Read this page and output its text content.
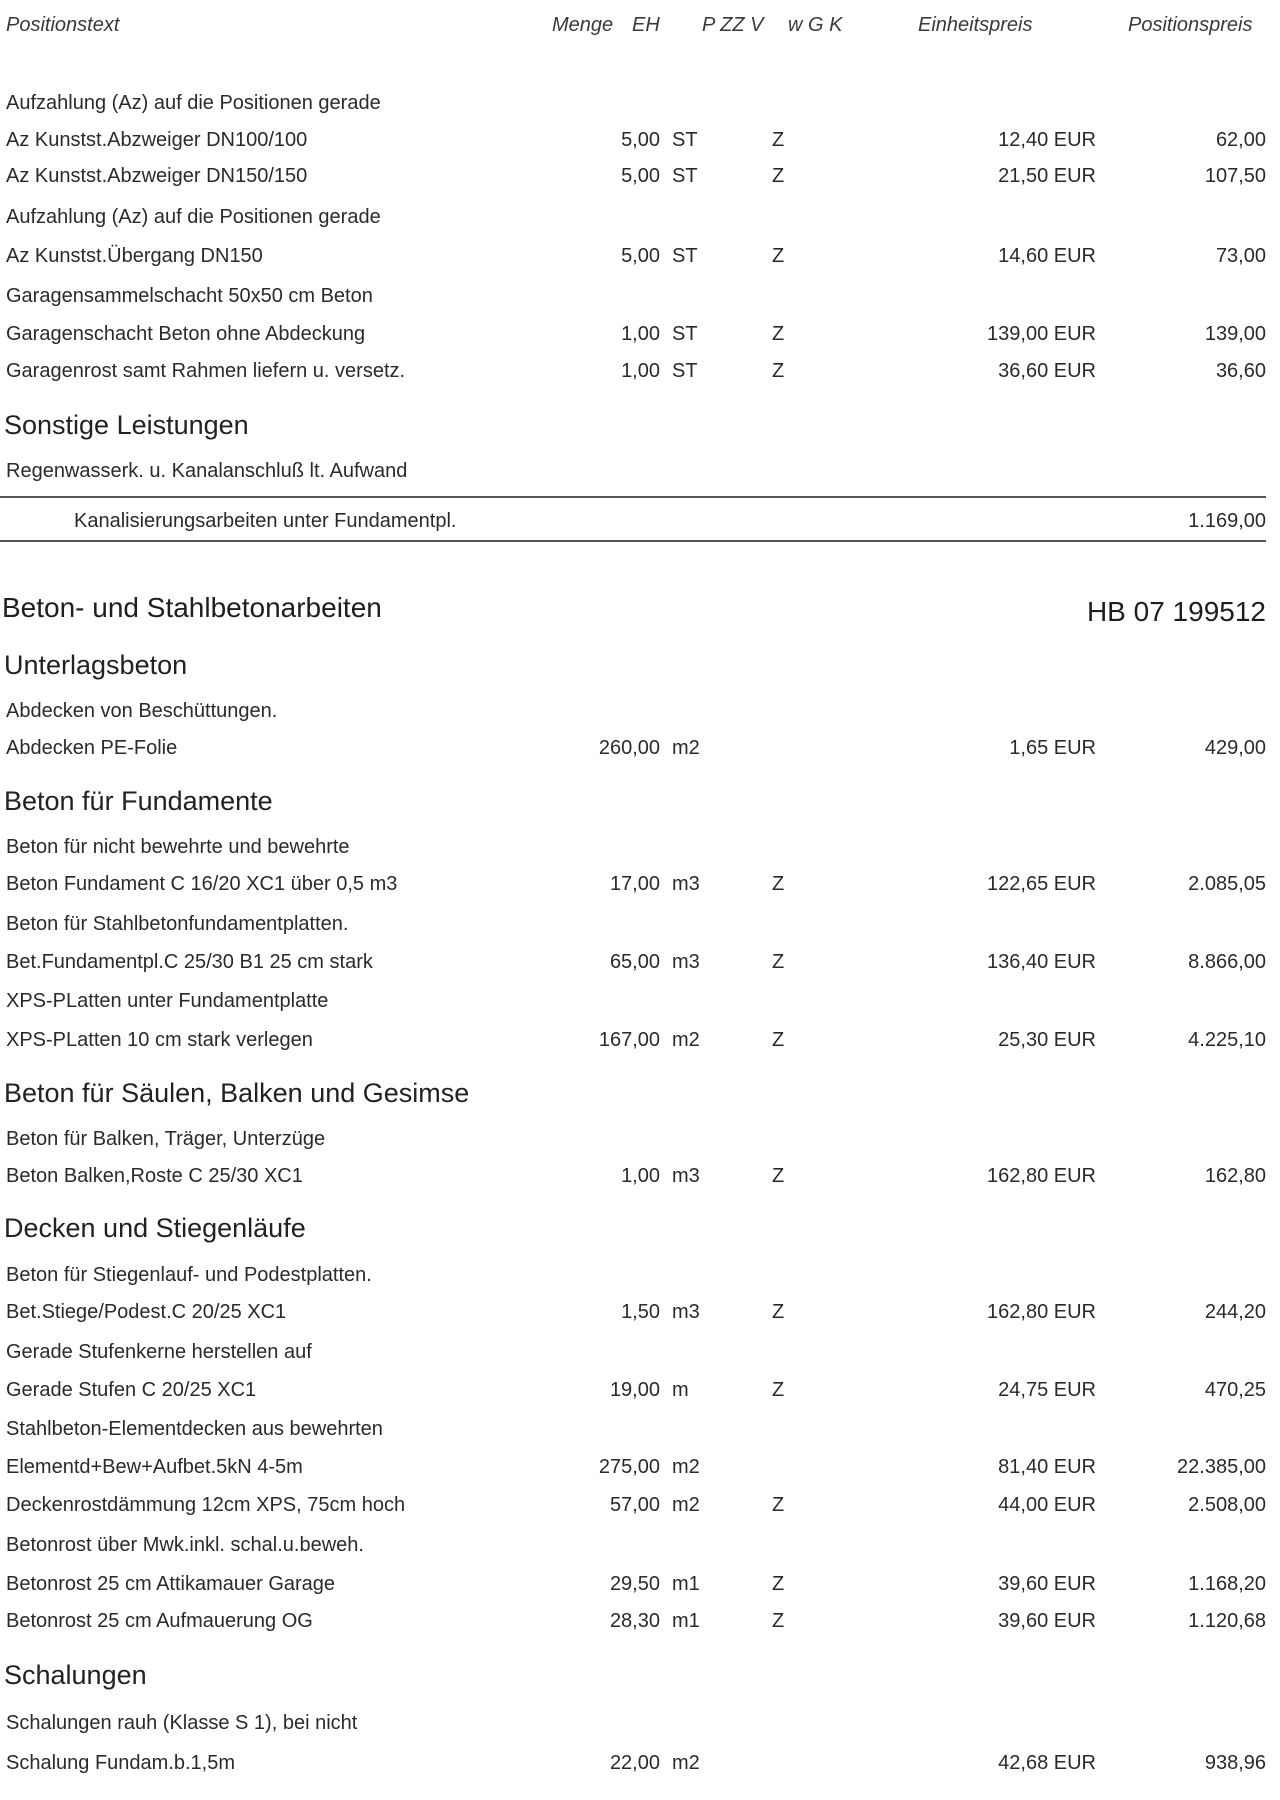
Positionstext	Menge EH P ZZ V w G K	Einheitspreis	Positionspreis
Aufzahlung (Az) auf die Positionen gerade
Az Kunstst.Abzweiger DN100/100	5,00 ST	Z	12,40 EUR	62,00
Az Kunstst.Abzweiger DN150/150	5,00 ST	Z	21,50 EUR	107,50
Aufzahlung (Az) auf die Positionen gerade
Az Kunstst.Übergang DN150	5,00 ST	Z	14,60 EUR	73,00
Garagensammelschacht 50x50 cm Beton
Garagenschacht Beton ohne Abdeckung	1,00 ST	Z	139,00 EUR	139,00
Garagenrost samt Rahmen liefern u. versetz.	1,00 ST	Z	36,60 EUR	36,60
Sonstige Leistungen
Regenwasserk. u. Kanalanschluß lt. Aufwand
Kanalisierungsarbeiten unter Fundamentpl.	1.169,00
Beton- und Stahlbetonarbeiten	HB 07 199512
Unterlagsbeton
Abdecken von Beschüttungen.
Abdecken PE-Folie	260,00 m2	1,65 EUR	429,00
Beton für Fundamente
Beton für nicht bewehrte und bewehrte
Beton Fundament C 16/20 XC1 über 0,5 m3	17,00 m3	Z	122,65 EUR	2.085,05
Beton für Stahlbetonfundamentplatten.
Bet.Fundamentpl.C 25/30 B1 25 cm stark	65,00 m3	Z	136,40 EUR	8.866,00
XPS-PLatten unter Fundamentplatte
XPS-PLatten 10 cm stark verlegen	167,00 m2	Z	25,30 EUR	4.225,10
Beton für Säulen, Balken und Gesimse
Beton für Balken, Träger, Unterzüge
Beton Balken,Roste C 25/30 XC1	1,00 m3	Z	162,80 EUR	162,80
Decken und Stiegenläufe
Beton für Stiegenlauf- und Podestplatten.
Bet.Stiege/Podest.C 20/25 XC1	1,50 m3	Z	162,80 EUR	244,20
Gerade Stufenkerne herstellen auf
Gerade Stufen C 20/25 XC1	19,00 m	Z	24,75 EUR	470,25
Stahlbeton-Elementdecken aus bewehrten
Elementd+Bew+Aufbet.5kN 4-5m	275,00 m2	81,40 EUR	22.385,00
Deckenrostdämmung 12cm XPS, 75cm hoch	57,00 m2	Z	44,00 EUR	2.508,00
Betonrost über Mwk.inkl. schal.u.beweh.
Betonrost 25 cm Attikamauer Garage	29,50 m1	Z	39,60 EUR	1.168,20
Betonrost 25 cm Aufmauerung OG	28,30 m1	Z	39,60 EUR	1.120,68
Schalungen
Schalungen rauh (Klasse S 1), bei nicht
Schalung Fundam.b.1,5m	22,00 m2	42,68 EUR	938,96
